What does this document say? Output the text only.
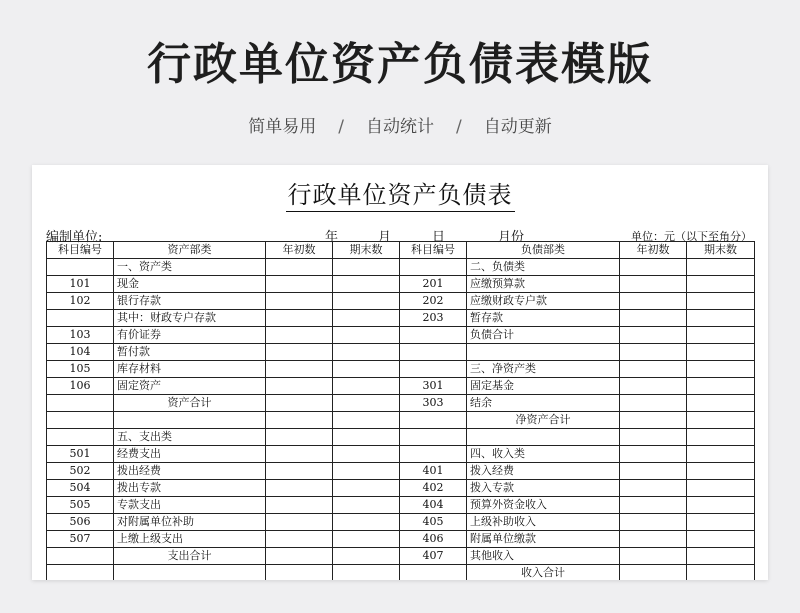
行政单位资产负债表模版
简单易用 / 自动统计 / 自动更新
行政单位资产负债表
编制单位:	年	月	日	月份	单位：元（以下至角分）
科目编号	资产部类	年初数	期末数	科目编号	负债部类	年初数	期末数
	一、资产类				二、负债类		
101	现金			201	应缴预算款		
102	银行存款			202	应缴财政专户款		
	其中：财政专户存款			203	暂存款		
103	有价证券				负债合计		
104	暂付款						
105	库存材料				三、净资产类		
106	固定资产			301	固定基金		
	资产合计			303	结余		
					净资产合计		
	五、支出类						
501	经费支出				四、收入类		
502	拨出经费			401	拨入经费		
504	拨出专款			402	拨入专款		
505	专款支出			404	预算外资金收入		
506	对附属单位补助			405	上级补助收入		
507	上缴上级支出			406	附属单位缴款		
	支出合计			407	其他收入		
					收入合计		
